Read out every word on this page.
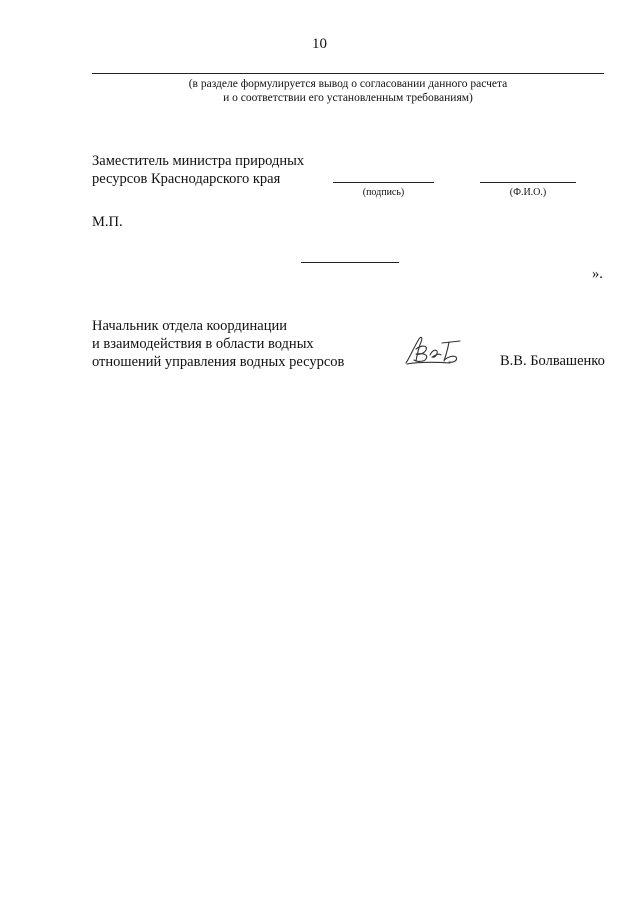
10
(в разделе формулируется вывод о согласовании данного расчета
и о соответствии его установленным требованиям)
Заместитель министра природных
ресурсов Краснодарского края
(подпись)	(Ф.И.О.)
М.П.
».
Начальник отдела координации
и взаимодействия в области водных
отношений управления водных ресурсов	В.В. Болвашенко
